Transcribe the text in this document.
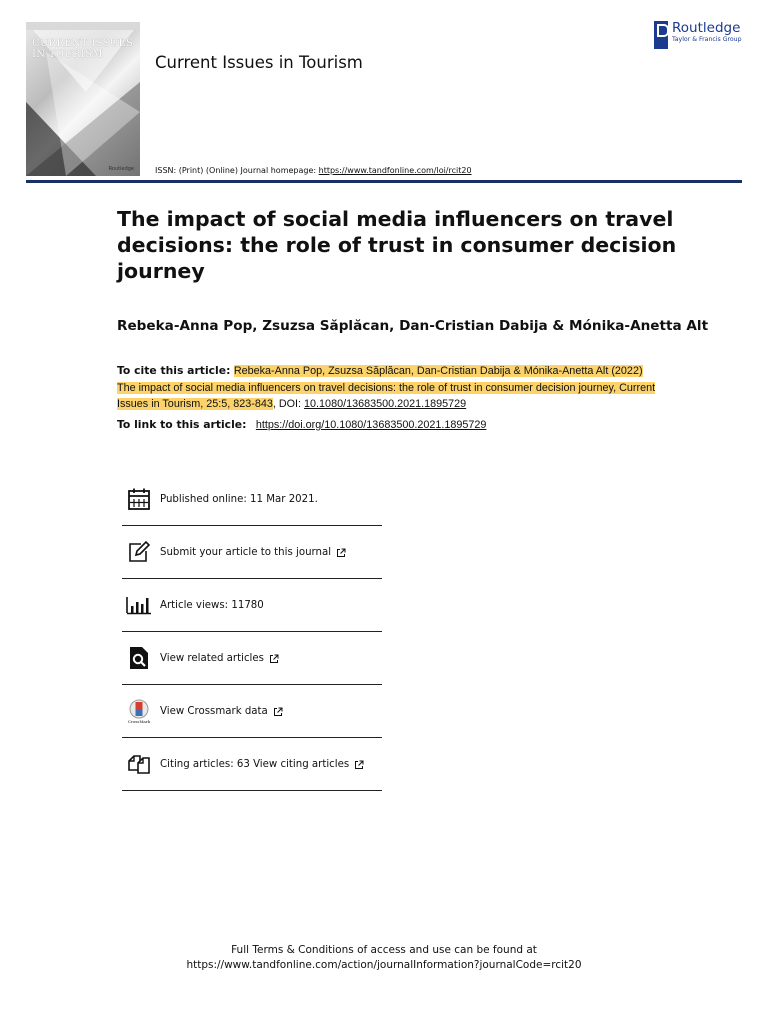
CURRENT ISSUES IN TOURISM
Routledge
Current Issues in Tourism
Routledge
Taylor & Francis Group
ISSN: (Print) (Online) Journal homepage: https://www.tandfonline.com/loi/rcit20
The impact of social media influencers on travel decisions: the role of trust in consumer decision journey
Rebeka-Anna Pop, Zsuzsa Săplăcan, Dan-Cristian Dabija & Mónika-Anetta Alt
To cite this article: Rebeka-Anna Pop, Zsuzsa Săplăcan, Dan-Cristian Dabija & Mónika-Anetta Alt (2022) The impact of social media influencers on travel decisions: the role of trust in consumer decision journey, Current Issues in Tourism, 25:5, 823-843, DOI: 10.1080/13683500.2021.1895729
To link to this article: https://doi.org/10.1080/13683500.2021.1895729
Published online: 11 Mar 2021.
Submit your article to this journal
Article views: 11780
View related articles
CrossMark
View Crossmark data
Citing articles: 63 View citing articles
Full Terms & Conditions of access and use can be found at
https://www.tandfonline.com/action/journalInformation?journalCode=rcit20
